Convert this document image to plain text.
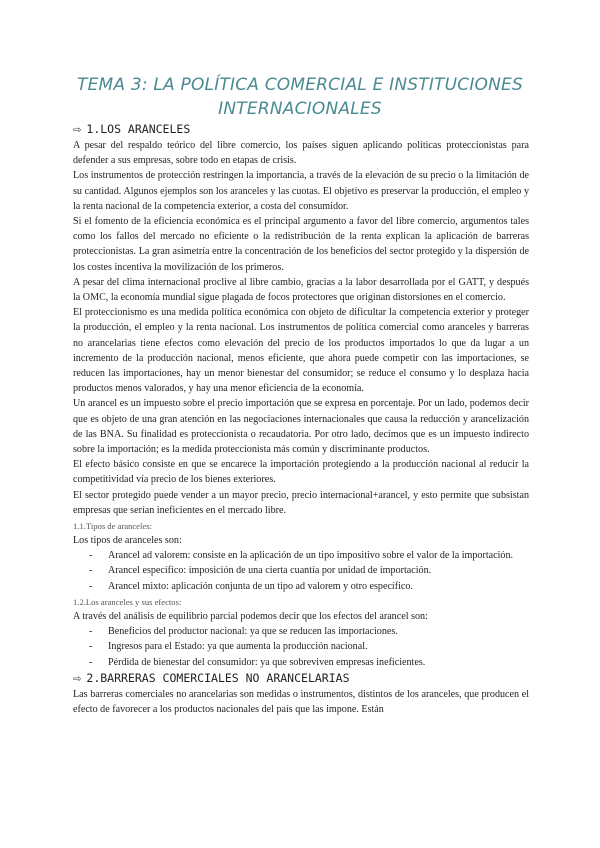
TEMA 3: LA POLÍTICA COMERCIAL E INSTITUCIONES
INTERNACIONALES
⇨ 1.LOS ARANCELES

A pesar del respaldo teórico del libre comercio, los países siguen aplicando políticas proteccionistas para defender a sus empresas, sobre todo en etapas de crisis.

Los instrumentos de protección restringen la importancia, a través de la elevación de su precio o la limitación de su cantidad. Algunos ejemplos son los aranceles y las cuotas. El objetivo es preservar la producción, el empleo y la renta nacional de la competencia exterior, a costa del consumidor.

Si el fomento de la eficiencia económica es el principal argumento a favor del libre comercio, argumentos tales como los fallos del mercado no eficiente o la redistribución de la renta explican la aplicación de barreras proteccionistas. La gran asimetría entre la concentración de los beneficios del sector protegido y la dispersión de los costes incentiva la movilización de los primeros.

A pesar del clima internacional proclive al libre cambio, gracias a la labor desarrollada por el GATT, y después la OMC, la economía mundial sigue plagada de focos protectores que originan distorsiones en el comercio.

El proteccionismo es una medida política económica con objeto de dificultar la competencia exterior y proteger la producción, el empleo y la renta nacional. Los instrumentos de política comercial como aranceles y barreras no arancelarias tiene efectos como elevación del precio de los productos importados lo que da lugar a un incremento de la producción nacional, menos eficiente, que ahora puede competir con las importaciones, se reducen las importaciones, hay un menor bienestar del consumidor; se reduce el consumo y lo desplaza hacia productos menos valorados, y hay una menor eficiencia de la economía.

Un arancel es un impuesto sobre el precio importación que se expresa en porcentaje. Por un lado, podemos decir que es objeto de una gran atención en las negociaciones internacionales que causa la reducción y arancelización de las BNA. Su finalidad es proteccionista o recaudatoria. Por otro lado, decimos que es un impuesto indirecto sobre la importación; es la medida proteccionista más común y discriminante productos.

El efecto básico consiste en que se encarece la importación protegiendo a la producción nacional al reducir la competitividad vía precio de los bienes exteriores.

El sector protegido puede vender a un mayor precio, precio internacional+arancel, y esto permite que subsistan empresas que serían ineficientes en el mercado libre.

1.1.Tipos de aranceles:

Los tipos de aranceles son:

- Arancel ad valorem: consiste en la aplicación de un tipo impositivo sobre el valor de la importación.
- Arancel específico: imposición de una cierta cuantía por unidad de importación.
- Arancel mixto: aplicación conjunta de un tipo ad valorem y otro específico.
1.2.Los aranceles y sus efectos:

A través del análisis de equilibrio parcial podemos decir que los efectos del arancel son:

- Beneficios del productor nacional: ya que se reducen las importaciones.
- Ingresos para el Estado: ya que aumenta la producción nacional.
- Pérdida de bienestar del consumidor: ya que sobreviven empresas ineficientes.
⇨ 2.BARRERAS COMERCIALES NO ARANCELARIAS

Las barreras comerciales no arancelarias son medidas o instrumentos, distintos de los aranceles, que producen el efecto de favorecer a los productos nacionales del país que las impone. Están
